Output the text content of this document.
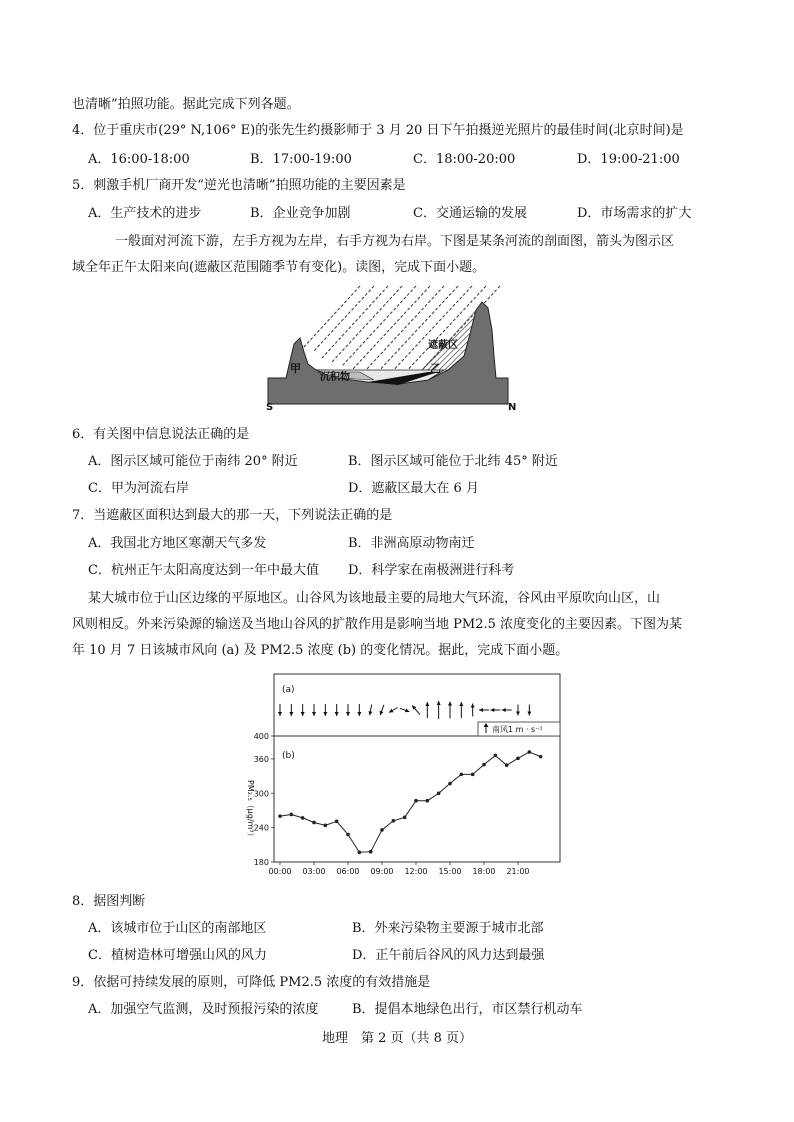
也清晰”拍照功能。据此完成下列各题。
4．位于重庆市(29° N,106° E)的张先生约摄影师于 3 月 20 日下午拍摄逆光照片的最佳时间(北京时间)是
A．16:00-18:00	B．17:00-19:00	C．18:00-20:00	D．19:00-21:00
5．刺激手机厂商开发“逆光也清晰”拍照功能的主要因素是
A．生产技术的进步	B．企业竞争加剧	C．交通运输的发展	D．市场需求的扩大
一般面对河流下游，左手方视为左岸，右手方视为右岸。下图是某条河流的剖面图，箭头为图示区
域全年正午太阳来向(遮蔽区范围随季节有变化)。读图，完成下面小题。
甲	乙
沉积物
遮蔽区
S	N
6．有关图中信息说法正确的是
A．图示区域可能位于南纬 20° 附近	B．图示区域可能位于北纬 45° 附近
C．甲为河流右岸	D．遮蔽区最大在 6 月
7．当遮蔽区面积达到最大的那一天，下列说法正确的是
A．我国北方地区寒潮天气多发	B．非洲高原动物南迁
C．杭州正午太阳高度达到一年中最大值 D．科学家在南极洲进行科考
某大城市位于山区边缘的平原地区。山谷风为该地最主要的局地大气环流，谷风由平原吹向山区，山
风则相反。外来污染源的输送及当地山谷风的扩散作用是影响当地 PM2.5 浓度变化的主要因素。下图为某
年 10 月 7 日该城市风向 (a) 及 PM2.5 浓度 (b) 的变化情况。据此，完成下面小题。
(a)
(b)
南风1 m · s⁻¹
PM₂.₅（μg/m³）
180
240
300
360
400
00:00 03:00 06:00 09:00 12:00 15:00 18:00 21:00
8．据图判断
A．该城市位于山区的南部地区	B．外来污染物主要源于城市北部
C．植树造林可增强山风的风力	D．正午前后谷风的风力达到最强
9．依据可持续发展的原则，可降低 PM2.5 浓度的有效措施是
A．加强空气监测，及时预报污染的浓度	B．提倡本地绿色出行，市区禁行机动车
地理　第 2 页（共 8 页）
